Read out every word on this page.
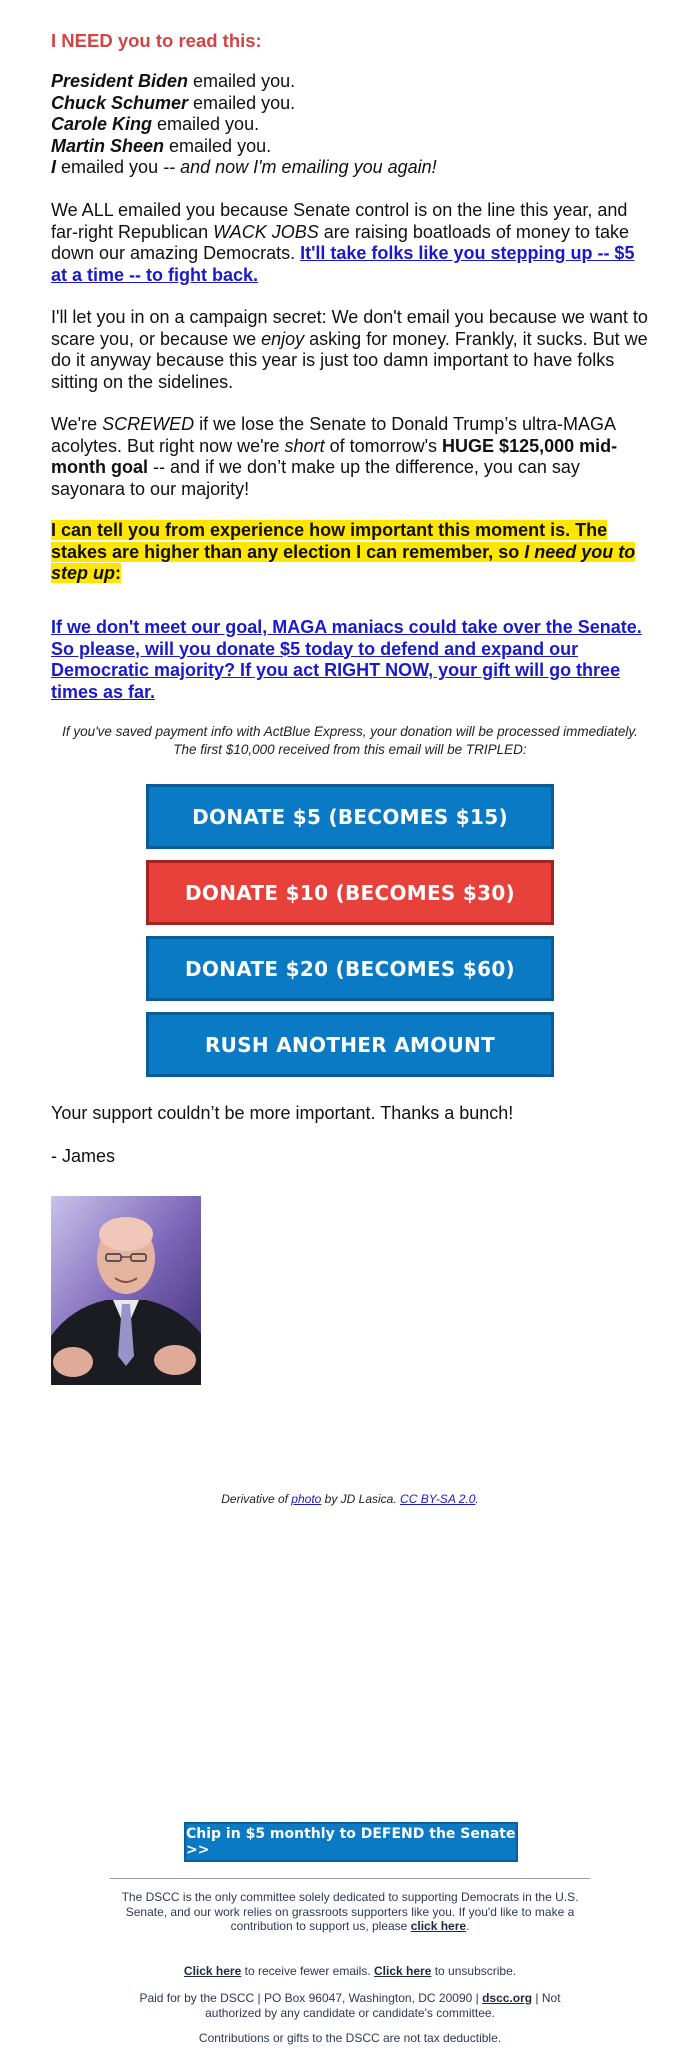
I NEED you to read this:
President Biden emailed you.
Chuck Schumer emailed you.
Carole King emailed you.
Martin Sheen emailed you.
I emailed you -- and now I'm emailing you again!
We ALL emailed you because Senate control is on the line this year, and far-right Republican WACK JOBS are raising boatloads of money to take down our amazing Democrats. It'll take folks like you stepping up -- $5 at a time -- to fight back.
I'll let you in on a campaign secret: We don't email you because we want to scare you, or because we enjoy asking for money. Frankly, it sucks. But we do it anyway because this year is just too damn important to have folks sitting on the sidelines.
We're SCREWED if we lose the Senate to Donald Trump’s ultra-MAGA acolytes. But right now we're short of tomorrow's HUGE $125,000 mid-month goal -- and if we don’t make up the difference, you can say sayonara to our majority!
I can tell you from experience how important this moment is. The stakes are higher than any election I can remember, so I need you to step up:
If we don't meet our goal, MAGA maniacs could take over the Senate. So please, will you donate $5 today to defend and expand our Democratic majority? If you act RIGHT NOW, your gift will go three times as far.
If you've saved payment info with ActBlue Express, your donation will be processed immediately.
The first $10,000 received from this email will be TRIPLED:
DONATE $5 (BECOMES $15)
DONATE $10 (BECOMES $30)
DONATE $20 (BECOMES $60)
RUSH ANOTHER AMOUNT
Your support couldn’t be more important. Thanks a bunch!
- James
Derivative of photo by JD Lasica. CC BY-SA 2.0.
Chip in $5 monthly to DEFEND the Senate >>
The DSCC is the only committee solely dedicated to supporting Democrats in the U.S. Senate, and our work relies on grassroots supporters like you. If you'd like to make a contribution to support us, please click here.
Click here to receive fewer emails. Click here to unsubscribe.
Paid for by the DSCC | PO Box 96047, Washington, DC 20090 | dscc.org | Not authorized by any candidate or candidate's committee.
Contributions or gifts to the DSCC are not tax deductible.
